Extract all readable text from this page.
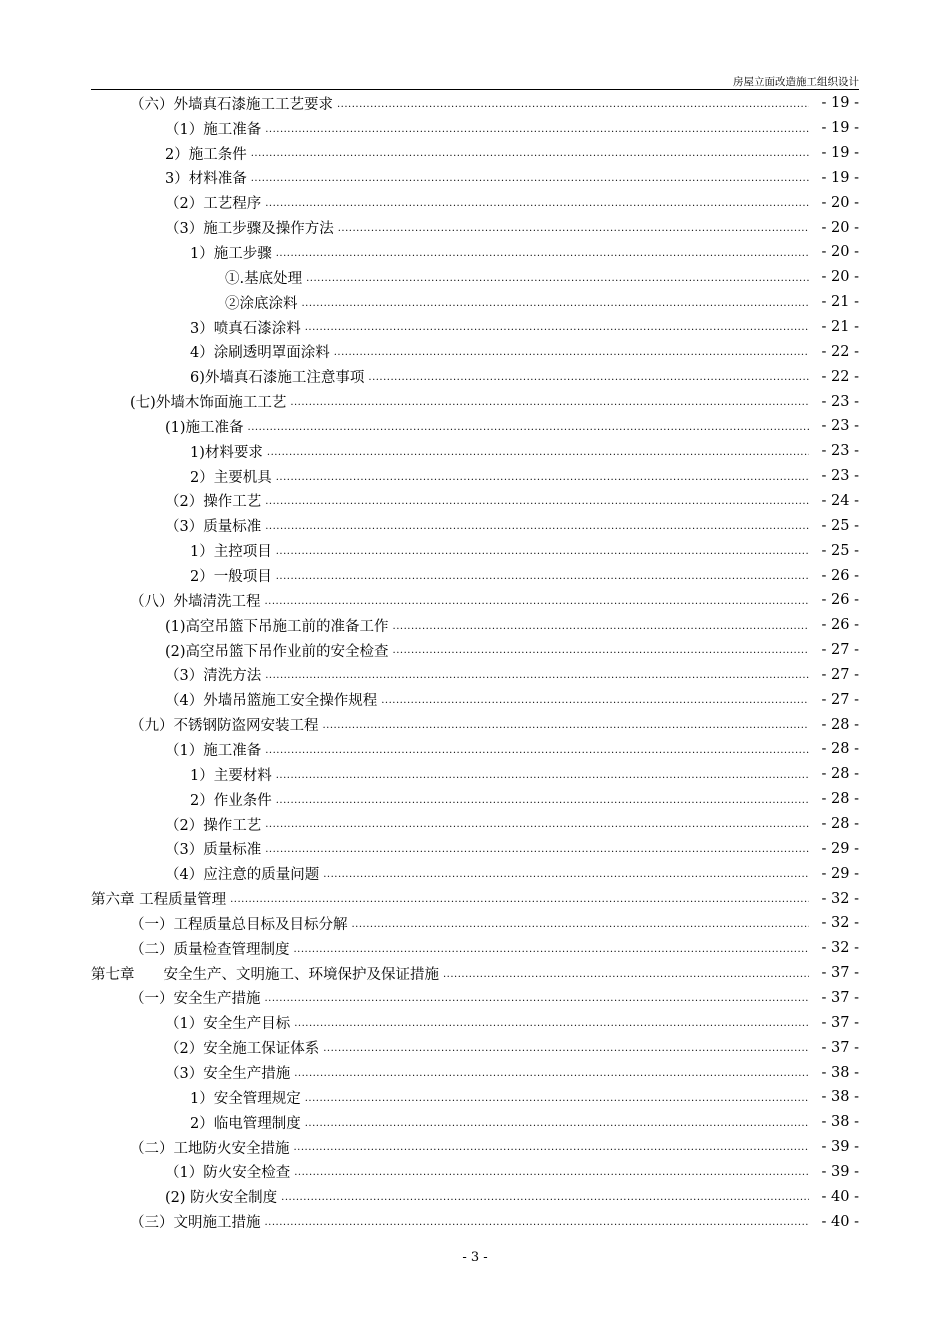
房屋立面改造施工组织设计
（六）外墙真石漆施工工艺要求 .....	- 19 -
（1）施工准备 .....	- 19 -
2）施工条件 .....	- 19 -
3）材料准备 .....	- 19 -
（2）工艺程序 .....	- 20 -
（3）施工步骤及操作方法 .....	- 20 -
1）施工步骤 .....	- 20 -
①.基底处理 .....	- 20 -
②涂底涂料 .....	- 21 -
3）喷真石漆涂料 .....	- 21 -
4）涂刷透明罩面涂料 .....	- 22 -
6)外墙真石漆施工注意事项 .....	- 22 -
(七)外墙木饰面施工工艺 .....	- 23 -
(1)施工准备 .....	- 23 -
1)材料要求 .....	- 23 -
2）主要机具 .....	- 23 -
（2）操作工艺 .....	- 24 -
（3）质量标准 .....	- 25 -
1）主控项目 .....	- 25 -
2）一般项目 .....	- 26 -
（八）外墙清洗工程 .....	- 26 -
(1)高空吊篮下吊施工前的准备工作 .....	- 26 -
(2)高空吊篮下吊作业前的安全检查 .....	- 27 -
（3）清洗方法 .....	- 27 -
（4）外墙吊篮施工安全操作规程 .....	- 27 -
（九）不锈钢防盗网安装工程 .....	- 28 -
（1）施工准备 .....	- 28 -
1）主要材料 .....	- 28 -
2）作业条件 .....	- 28 -
（2）操作工艺 .....	- 28 -
（3）质量标准 .....	- 29 -
（4）应注意的质量问题 .....	- 29 -
第六章 工程质量管理 .....	- 32 -
（一）工程质量总目标及目标分解 .....	- 32 -
（二）质量检查管理制度 .....	- 32 -
第七章　　安全生产、文明施工、环境保护及保证措施 .....	- 37 -
（一）安全生产措施 .....	- 37 -
（1）安全生产目标 .....	- 37 -
（2）安全施工保证体系 .....	- 37 -
（3）安全生产措施 .....	- 38 -
1）安全管理规定 .....	- 38 -
2）临电管理制度 .....	- 38 -
（二）工地防火安全措施 .....	- 39 -
（1）防火安全检查 .....	- 39 -
(2) 防火安全制度 .....	- 40 -
（三）文明施工措施 .....	- 40 -
- 3 -
